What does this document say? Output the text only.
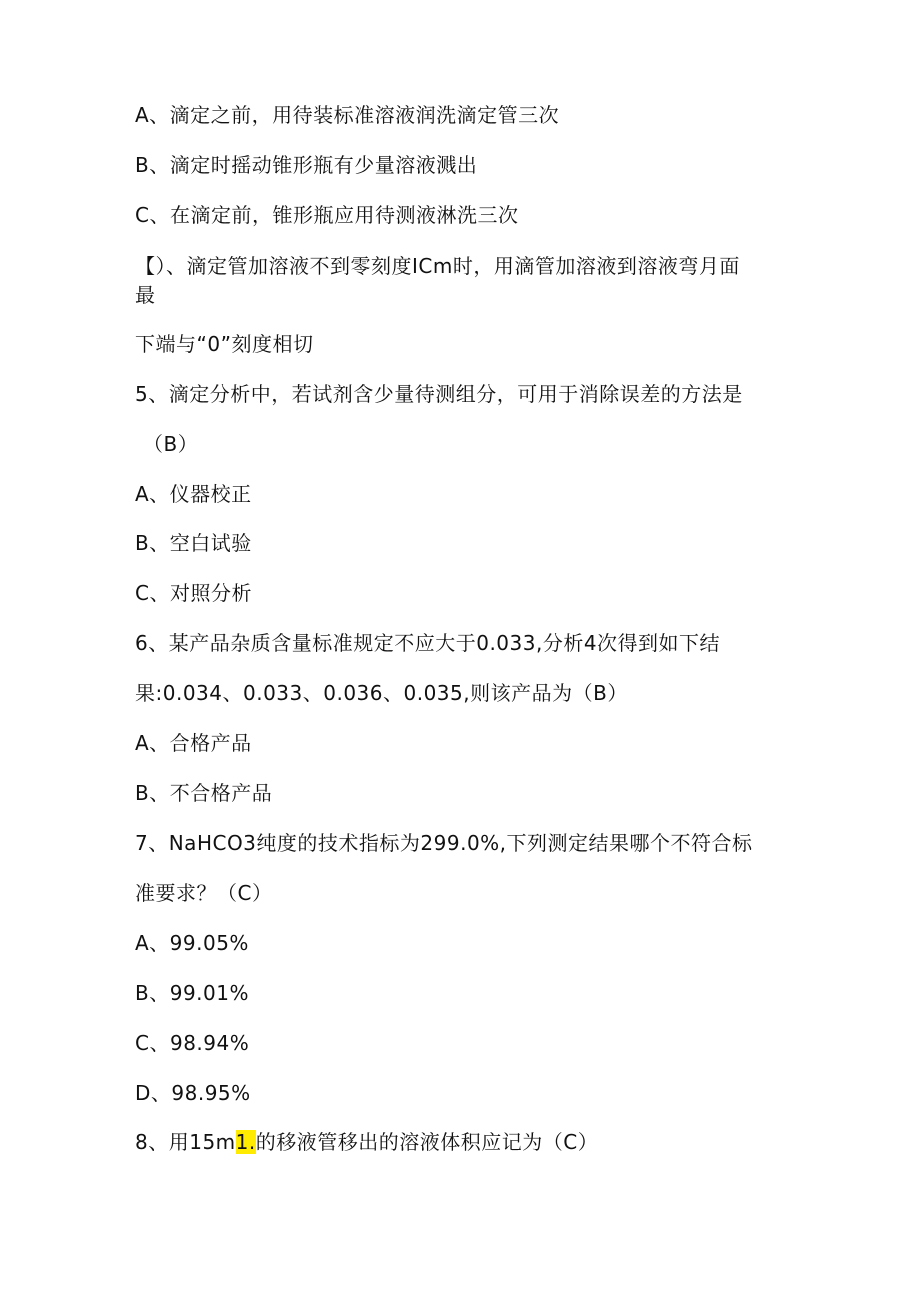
A、滴定之前，用待装标准溶液润洗滴定管三次
B、滴定时摇动锥形瓶有少量溶液溅出
C、在滴定前，锥形瓶应用待测液淋洗三次
【）、滴定管加溶液不到零刻度ICm时，用滴管加溶液到溶液弯月面
最
下端与“0”刻度相切
5、滴定分析中，若试剂含少量待测组分，可用于消除误差的方法是
（B）
A、仪器校正
B、空白试验
C、对照分析
6、某产品杂质含量标准规定不应大于0.033,分析4次得到如下结
果:0.034、0.033、0.036、0.035,则该产品为（B）
A、合格产品
B、不合格产品
7、NaHCO3纯度的技术指标为299.0%,下列测定结果哪个不符合标
准要求？（C）
A、99.05%
B、99.01%
C、98.94%
D、98.95%
8、用15m1.的移液管移出的溶液体积应记为（C）
